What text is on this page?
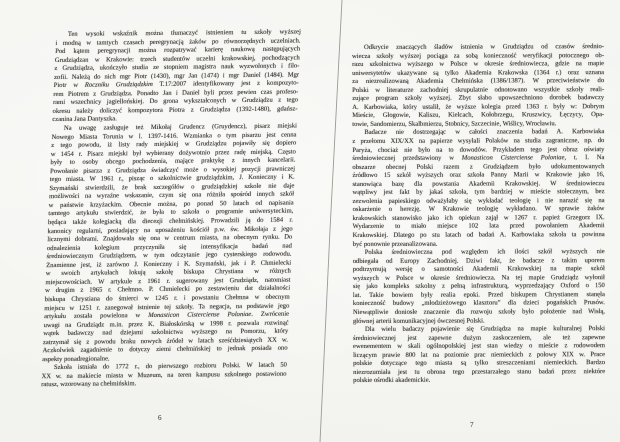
Ten wysoki wskaźnik można tłumaczyć istnieniem tu szkoły wyższej
i modną w tamtych czasach peregrynacją żaków po równorzędnych uczelniach.
Pod kątem peregrynacji można rozpatrywać karierę naukową następujących
Grudziądzan w Krakowie: trzech studentów uczelni krakowskiej, pochodzących
z Grudziądza, ukończyło studia ze stopniem magistra nauk wyzwolonych i filo-
zofii. Należą do nich mgr Piotr (1430), mgr Jan (1474) i mgr Daniel (1484). Mgr
Piotr w Roczniku Grudziądzkim T.17:2007 identyfikowany jest z kompozyto-
rem Piotrem z Grudziądza. Ponadto Jan i Daniel byli przez pewien czas profeso-
rami wszechnicy jagiellońskiej. Do grona wykształconych w Grudziądzu z tego
okresu należy doliczyć kompozytora Piotra z Grudziądza (1392-1480), gdańsz-
czanina Jana Dantyszka.
Na uwagę zasługuje też Mikołaj Grudencz (Gruydencz), pisarz miejski
Nowego Miasta Torunia w l. 1397-1416. Wzmianka o tym pisarzu jest cenna
z tego powodu, iż listy rady miejskiej w Grudziądzu pojawiły się dopiero
w 1454 r. Pisarz miejski był wybierany dożywotnio przez radę miejską. Często
były to osoby obcego pochodzenia, mające praktykę z innych kancelarii.
Powołanie pisarza z Grudziądza świadczyć może o wysokiej pozycji prawniczej
tego miasta. W 1961 r., pisząc o szkolnictwie grudziądzkim, J. Konieczny i K.
Szymański stwierdzili, że brak szczegółów o grudziądzkiej szkole nie daje
możliwości na wyraźne wskazanie, czym się ona różniła spośród innych szkół
w państwie krzyżackim. Obecnie można, po ponad 50 latach od napisania
tamtego artykułu stwierdzić, że była to szkoła o programie uniwersyteckim,
będąca także kolegiacką dla diecezji chełmińskiej. Prowadzili ją do 1584 r.
kanonicy regularni, posiadający na uposażeniu kościół p.w. św. Mikołaja z jego
licznymi dobrami. Znajdowała się ona w centrum miasta, na obecnym rynku. Do
odnalezienia kolegium przyczyniła się intensyfikacja badań nad
średniowiecznym Grudziądzem, w tym odczytanie jego cysterskiego rodowodu.
Znamienne jest, iż zarówno J. Konieczny i K. Szymański, jak i P. Chmielecki
w swoich artykułach lokują szkołę biskupa Chrystiana w różnych
miejscowościach. W artykule z 1961 r. sugerowany jest Grudziądz, natomiast
w drugim z 1965 r. Chełmno. P. Chmielecki po zestawieniu dat działalności
biskupa Chrystiana do śmierci w 1245 r. i powstaniu Chełmna w obecnym
miejscu w 1251 r. zanegował istnienie tej szkoły. Ta negacja, na podstawie jego
artykułu została powielona w Monasticon Cisterciense Poloniae. Zwrócenie
uwagi na Grudziądz m.in. przez K. Białoskórską w 1998 r. pozwala rozwinąć
wątek badawczy nad dziejami szkolnictwa wyższego na Pomorzu, który
zatrzymał się z powodu braku nowych źródeł w latach sześćdziesiątych XX w.
Aczkolwiek zagadnienie to dotyczy ziemi chełmińskiej to jednak posiada ono
aspekty ponadregionalne.
Szkoła istniała do 1772 r., do pierwszego rozbioru Polski. W latach 50
XX w. na makiecie miasta w Muzeum, na teren kampusu szkolnego postawiono
ratusz, wzorowany na chełmińskim.
Odkrycie znaczących śladów istnienia w Grudziądzu od czasów średnio-
wiecza szkoły wyższej pociąga za sobą konieczność weryfikacji potocznego ob-
razu szkolnictwa wyższego w Polsce w okresie średniowiecza, gdzie na mapie
uniwersytetów ukazywane są tylko Akademia Krakowska (1364 r.) oraz uznana
za niezrealizowaną Akademia Chełmińska (1386/1387). W przeciwieństwie do
Polski w literaturze zachodniej skrupulatnie odnotowano wszystkie szkoły reali-
zujące program szkoły wyższej. Zbyt słabo upowszechniono dorobek badawczy
A. Karbowiaka, który ustalił, że wyższe kolegia przed 1363 r. były w: Dobrym
Mieście, Głogowie, Kaliszu, Kielcach, Kołobrzegu, Kruszwicy, Łęczycy, Opa-
towie, Sandomierzu, Skalbmierzu, Stobnicy, Szczecinie, Wiślicy, Wrocławiu.
Badacze nie dostrzegając w całości znaczenia badań A. Karbowiaka
z przełomu XIX/XX na papierze wysyłali Polaków na studia zagraniczne, np. do
Paryża, chociaż nie było na to dowodów. Przykładem tego jest obraz oświaty
średniowiecznej przedstawiony w Monasticon Cisterciense Poloniae, t. I. Na
obszarze obecnej Polski razem z Grudziądzem było udokumentowanych
źródłowo 15 szkół wyższych oraz szkoła Panny Marii w Krakowie jako 16,
stanowiąca bazę dla powstania Akademii Krakowskiej. W średniowieczu
wątpliwy jest fakt by jakaś szkoła, tym bardziej w mieście stołecznym, bez
zezwolenia papieskiego odważyłaby się wykładać teologię i nie narazić się na
oskarżenie o herezję. W Krakowie teologię wykładano. W sprawie żaków
krakowskich stanowisko jako ich opiekun zajął w 1267 r. papież Grzegorz IX.
Wydarzenie to miało miejsce 102 lata przed powołaniem Akademii
Krakowskiej. Dlatego po stu latach od badań A. Karbowiaka szkoła ta powinna
być ponownie przeanalizowana.
Polska średniowieczna pod względem ich ilości szkół wyższych nie
odbiegała od Europy Zachodniej. Dziwi fakt, że badacze z takim uporem
podtrzymują wersję o samotności Akademii Krakowskiej na mapie szkół
wyższych w Polsce w okresie średniowiecza. Na tej mapie Grudziądz wyłonił
się jako kompleks szkolny z pełną infrastrukturą, wyprzedzający Oxford o 150
lat. Takie bowiem były realia epoki. Przed biskupem Chrystianem stanęła
konieczność budowy „młodzieżowego klasztoru” dla dzieci pogańskich Prusów.
Niewątpliwie doniosłe znaczenie dla rozwoju szkoły było położenie nad Wisłą,
głównej arterii komunikacyjnej ówczesnej Polski.
Dla wielu badaczy pojawienie się Grudziądza na mapie kulturalnej Polski
średniowiecznej jest zapewne dużym zaskoczeniem, ale też zapewne
ewenementem w skali ogólnopolskiej jest stan wiedzy o mieście z rodowodem
liczącym prawie 800 lat na poziomie prac niemieckich z połowy XIX w. Prace
polskie dotyczące tego miasta są tylko streszczeniami niemieckich. Bardzo
niezrozumiała jest tu obrona tego przestarzałego stanu badań przez niektóre
polskie ośrodki akademickie.
6
7
